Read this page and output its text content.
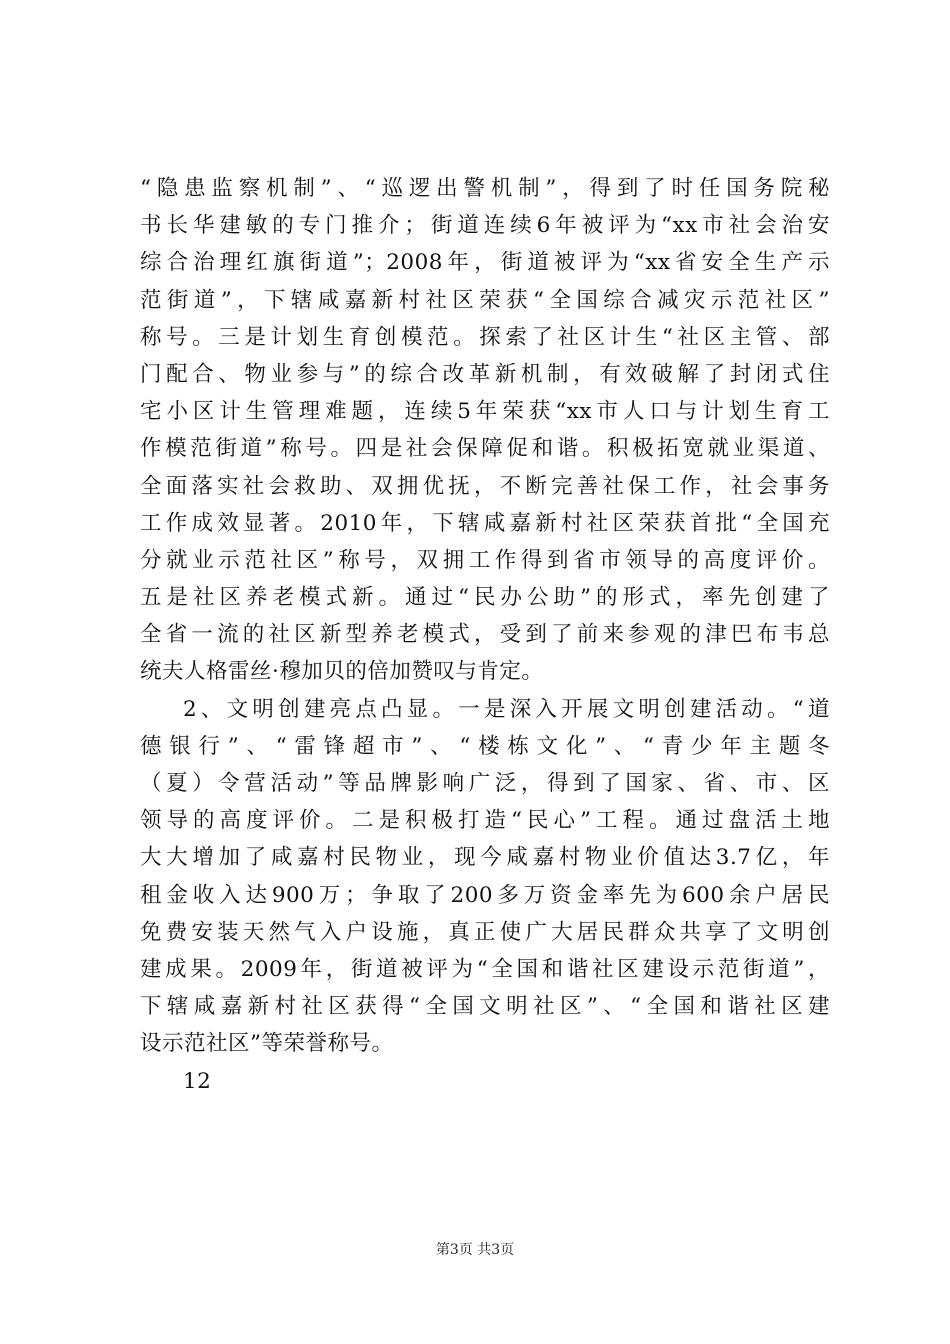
“隐患监察机制”、“巡逻出警机制”，得到了时任国务院秘
书长华建敏的专门推介；街道连续6年被评为“xx市社会治安
综合治理红旗街道”；2008年，街道被评为“xx省安全生产示
范街道”，下辖咸嘉新村社区荣获“全国综合减灾示范社区”
称号。三是计划生育创模范。探索了社区计生“社区主管、部
门配合、物业参与”的综合改革新机制，有效破解了封闭式住
宅小区计生管理难题，连续5年荣获“xx市人口与计划生育工
作模范街道”称号。四是社会保障促和谐。积极拓宽就业渠道、
全面落实社会救助、双拥优抚，不断完善社保工作，社会事务
工作成效显著。2010年，下辖咸嘉新村社区荣获首批“全国充
分就业示范社区”称号，双拥工作得到省市领导的高度评价。
五是社区养老模式新。通过“民办公助”的形式，率先创建了
全省一流的社区新型养老模式，受到了前来参观的津巴布韦总
统夫人格雷丝·穆加贝的倍加赞叹与肯定。
2、文明创建亮点凸显。一是深入开展文明创建活动。“道
德银行”、“雷锋超市”、“楼栋文化”、“青少年主题冬
（夏）令营活动”等品牌影响广泛，得到了国家、省、市、区
领导的高度评价。二是积极打造“民心”工程。通过盘活土地
大大增加了咸嘉村民物业，现今咸嘉村物业价值达3.7亿，年
租金收入达900万；争取了200多万资金率先为600余户居民
免费安装天然气入户设施，真正使广大居民群众共享了文明创
建成果。2009年，街道被评为“全国和谐社区建设示范街道”，
下辖咸嘉新村社区获得“全国文明社区”、“全国和谐社区建
设示范社区”等荣誉称号。
12
第3页 共3页
